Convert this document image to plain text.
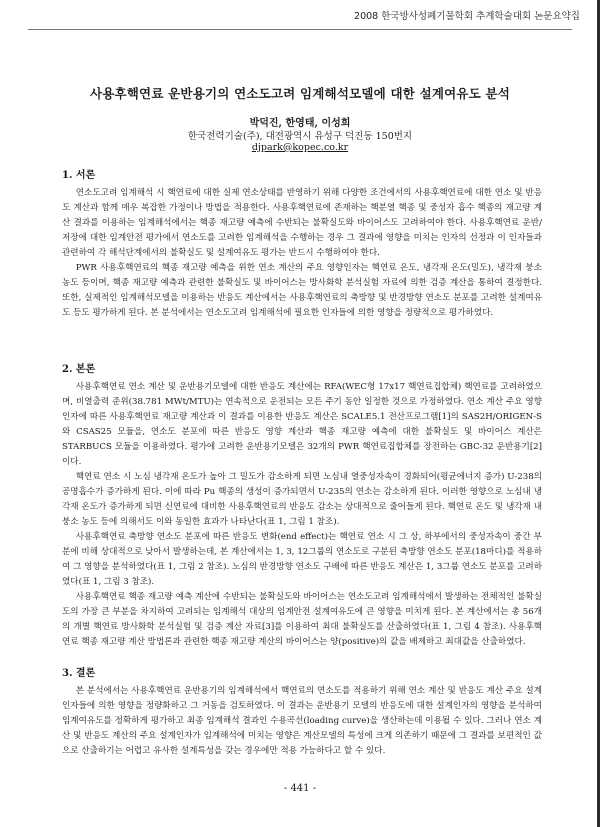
2008 한국방사성폐기물학회 추계학술대회 논문요약집
사용후핵연료 운반용기의 연소도고려 임계해석모델에 대한 설계여유도 분석
박덕진, 한영태, 이성희
한국전력기술(주), 대전광역시 유성구 덕진동 150번지
djpark@kopec.co.kr
1. 서론

연소도고려 임계해석 시 핵연료에 대한 실제 연소상태를 반영하기 위해 다양한 조건에서의 사용후핵연료에 대한 연소 및 반응도 계산과 함께 매우 복잡한 가정이나 방법을 적용한다. 사용후핵연료에 존재하는 핵분열 핵종 및 중성자 흡수 핵종의 재고량 계산 결과를 이용하는 임계해석에서는 핵종 재고량 예측에 수반되는 불확실도와 바이어스도 고려하여야 한다. 사용후핵연료 운반/저장에 대한 임계안전 평가에서 연소도를 고려한 임계해석을 수행하는 경우 그 결과에 영향을 미치는 인자의 선정과 이 인자들과 관련하여 각 해석단계에서의 불확실도 및 설계여유도 평가는 반드시 수행하여야 한다.

PWR 사용후핵연료의 핵종 재고량 예측을 위한 연소 계산의 주요 영향인자는 핵연료 온도, 냉각재 온도(밀도), 냉각재 붕소 농도 등이며, 핵종 재고량 예측과 관련한 불확실도 및 바이어스는 방사화학 분석실험 자료에 의한 검증 계산을 통하여 결정한다. 또한, 실제적인 임계해석모델을 이용하는 반응도 계산에서는 사용후핵연료의 축방향 및 반경방향 연소도 분포를 고려한 설계여유도 등도 평가하게 된다. 본 분석에서는 연소도고려 임계해석에 필요한 인자들에 의한 영향을 정량적으로 평가하였다.

2. 본론

사용후핵연료 연소 계산 및 운반용기모델에 대한 반응도 계산에는 RFA(WEC형 17x17 핵연료집합체) 핵연료를 고려하였으며, 비열출력 준위(38.781 MWt/MTU)는 연속적으로 운전되는 모든 주기 동안 일정한 것으로 가정하였다. 연소 계산 주요 영향인자에 따른 사용후핵연료 재고량 계산과 이 결과를 이용한 반응도 계산은 SCALE5.1 전산프로그램[1]의 SAS2H/ORIGEN-S와 CSAS25 모듈을, 연소도 분포에 따른 반응도 영향 계산과 핵종 재고량 예측에 대한 불확실도 및 바이어스 계산은 STARBUCS 모듈을 이용하였다. 평가에 고려한 운반용기모델은 32개의 PWR 핵연료집합체를 장전하는 GBC-32 운반용기[2] 이다.

핵연료 연소 시 노심 냉각재 온도가 높아 그 밀도가 감소하게 되면 노심내 열중성자속이 경화되어(평균에너지 증가) U-238의 공명흡수가 증가하게 된다. 이에 따라 Pu 핵종의 생성이 증가되면서 U-235의 연소는 감소하게 된다. 이러한 영향으로 노심내 냉각재 온도가 증가하게 되면 신연료에 대비한 사용후핵연료의 반응도 감소는 상대적으로 줄어들게 된다. 핵연료 온도 및 냉각재 내 붕소 농도 등에 의해서도 이와 동일한 효과가 나타난다(표 1, 그림 1 참조).

사용후핵연료 축방향 연소도 분포에 따른 반응도 변화(end effect)는 핵연료 연소 시 그 상, 하부에서의 중성자속이 중간 부분에 비해 상대적으로 낮아서 발생하는데, 본 계산에서는 1, 3, 12그룹의 연소도로 구분된 축방향 연소도 분포(18마디)를 적용하여 그 영향을 분석하였다(표 1, 그림 2 참조). 노심의 반경방향 연소도 구배에 따른 반응도 계산은 1, 3그룹 연소도 분포를 고려하였다(표 1, 그림 3 참조).

사용후핵연료 핵종 재고량 예측 계산에 수반되는 불확실도와 바이어스는 연소도고려 임계해석에서 발생하는 전체적인 불확실도의 가장 큰 부분을 차지하여 고려되는 임계해석 대상의 임계안전 설계여유도에 큰 영향을 미치게 된다. 본 계산에서는 총 56개의 개별 핵연료 방사화학 분석실험 및 검증 계산 자료[3]를 이용하여 최대 불확실도를 산출하였다(표 1, 그림 4 참조). 사용후핵연료 핵종 재고량 계산 방법론과 관련한 핵종 재고량 계산의 바이어스는 양(positive)의 값을 배제하고 최대값을 산출하였다.

3. 결론

본 분석에서는 사용후핵연료 운반용기의 임계해석에서 핵연료의 연소도를 적용하기 위해 연소 계산 및 반응도 계산 주요 설계인자들에 의한 영향을 정량화하고 그 거동을 검토하였다. 이 결과는 운반용기 모델의 반응도에 대한 설계인자의 영향을 분석하여 임계여유도를 정확하게 평가하고 최종 임계해석 결과인 수용곡선(loading curve)을 생산하는데 이용될 수 있다. 그러나 연소 계산 및 반응도 계산의 주요 설계인자가 임계해석에 미치는 영향은 계산모델의 특성에 크게 의존하기 때문에 그 결과를 보편적인 값으로 산출하기는 어렵고 유사한 설계특성을 갖는 경우에만 적용 가능하다고 할 수 있다.

- 441 -
